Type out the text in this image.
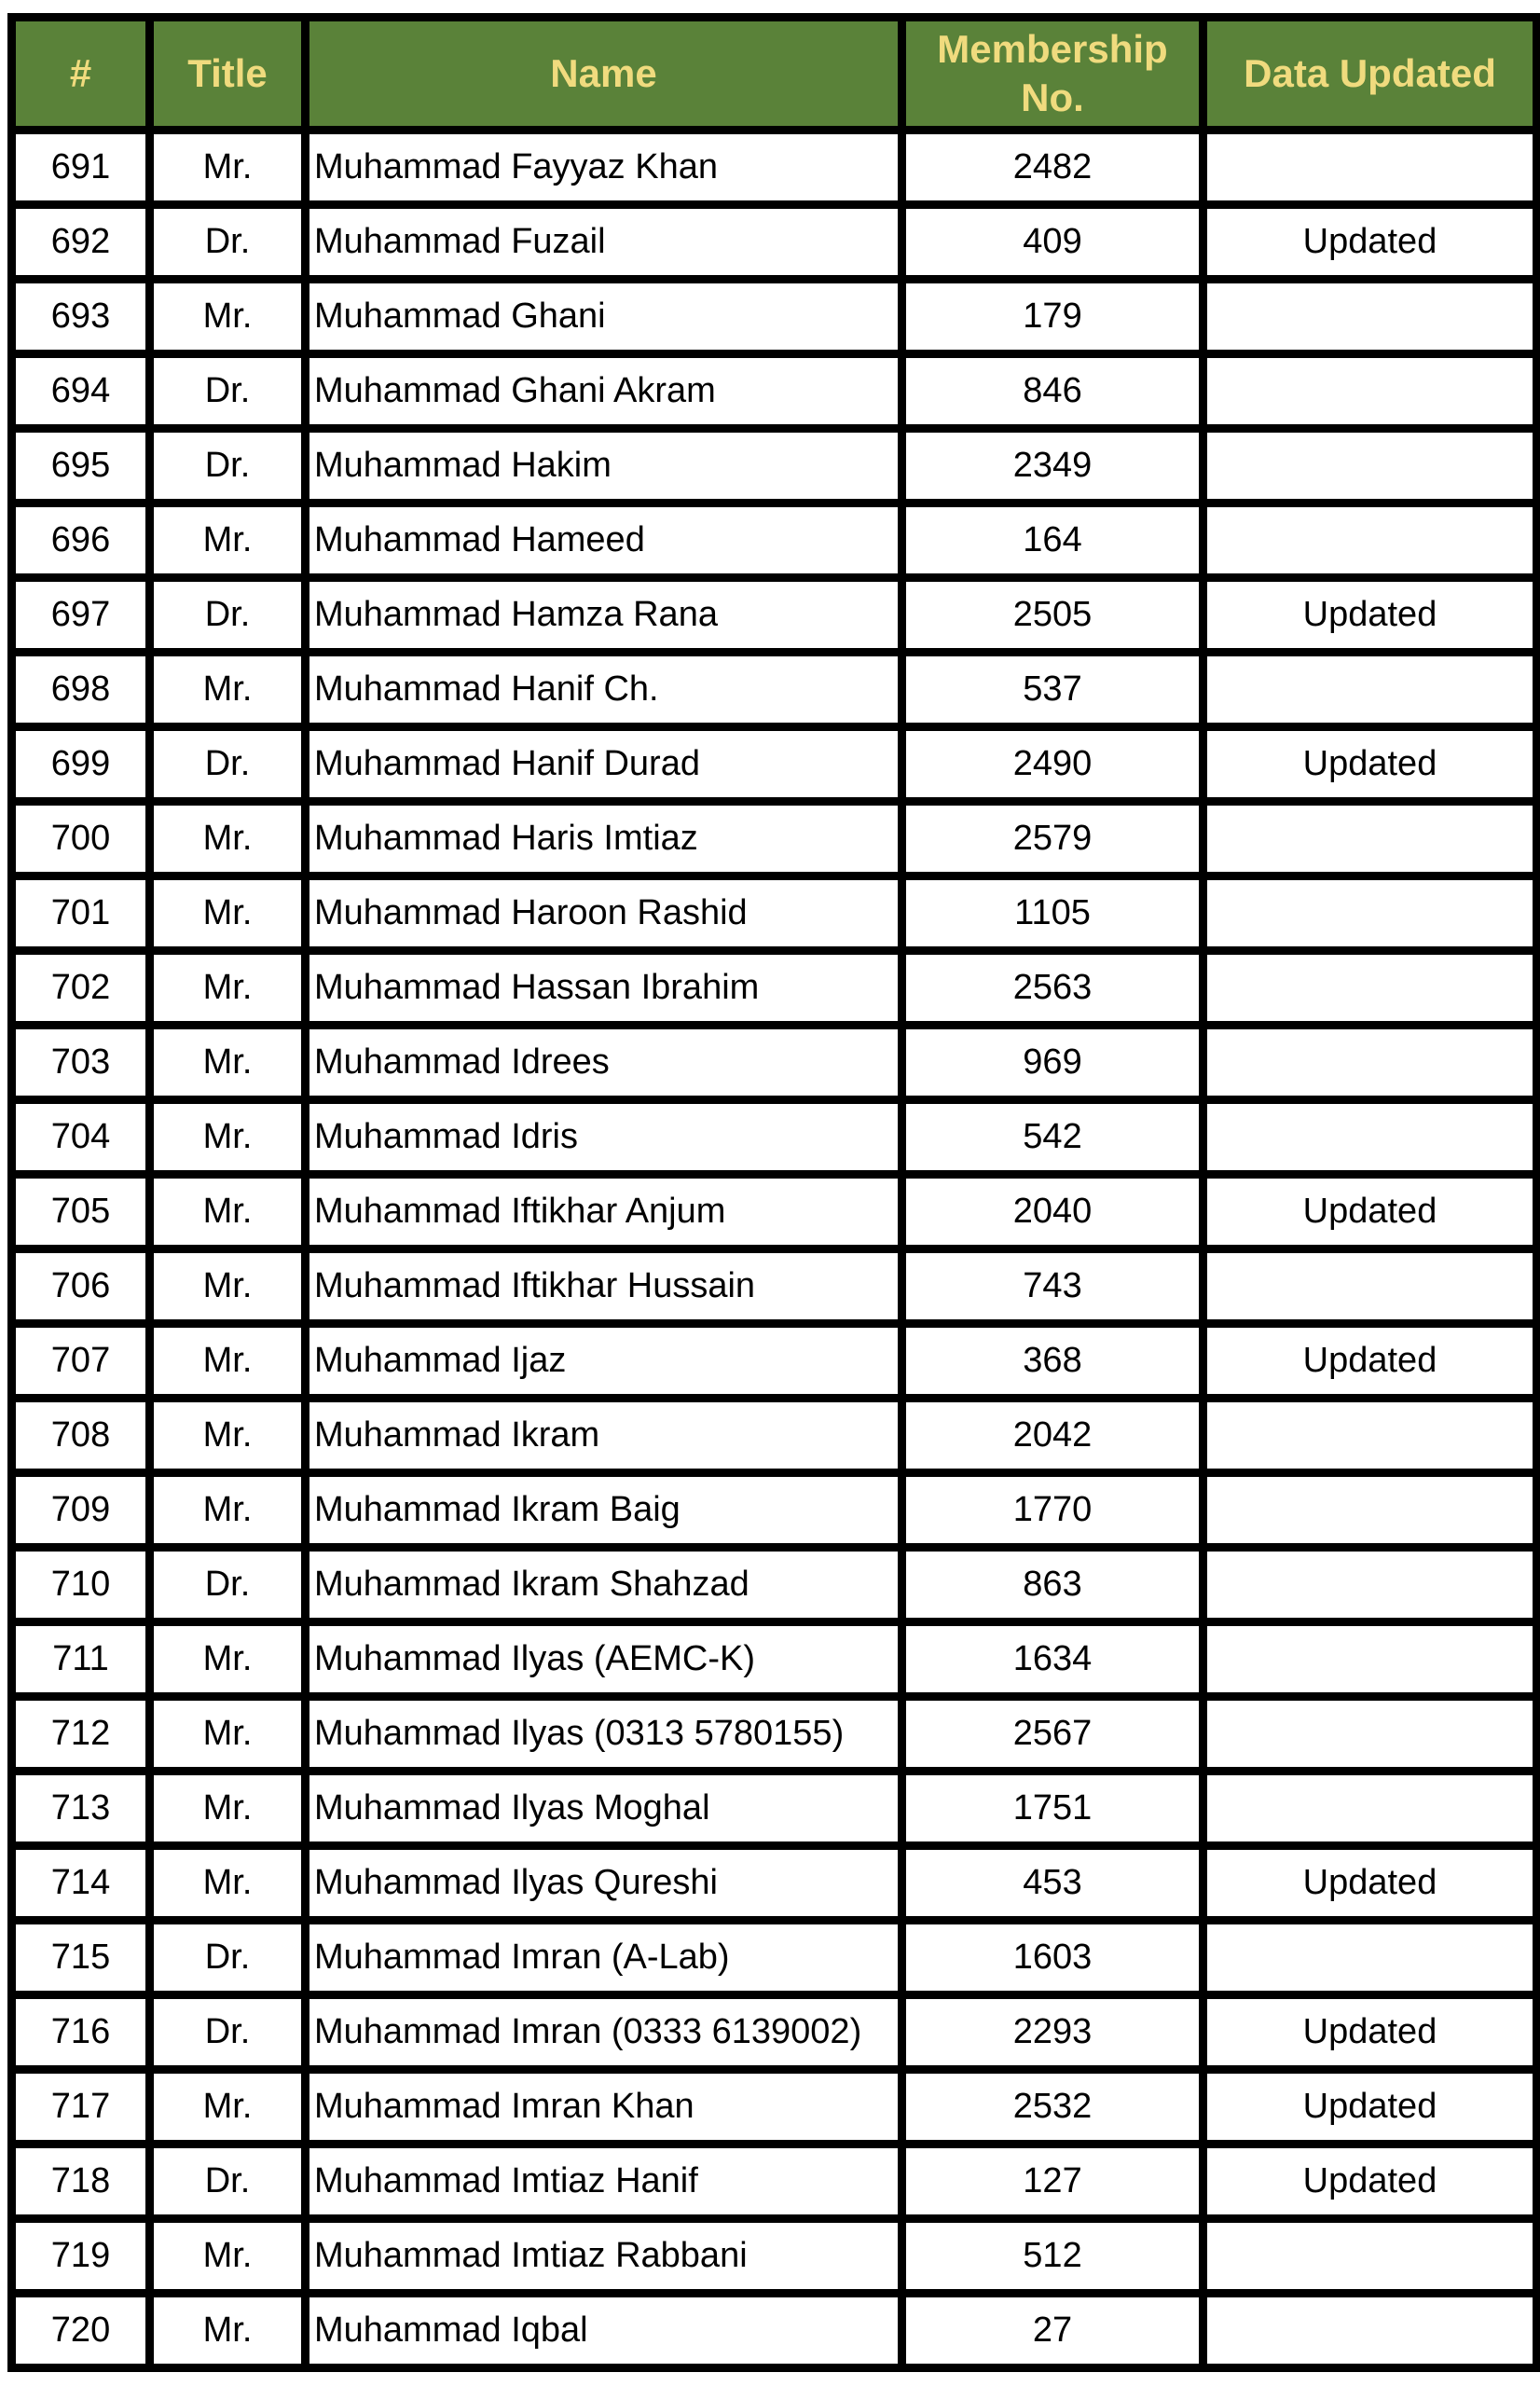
#	Title	Name	Membership No.	Data Updated
691	Mr.	Muhammad Fayyaz Khan	2482	
692	Dr.	Muhammad Fuzail	409	Updated
693	Mr.	Muhammad Ghani	179	
694	Dr.	Muhammad Ghani Akram	846	
695	Dr.	Muhammad Hakim	2349	
696	Mr.	Muhammad Hameed	164	
697	Dr.	Muhammad Hamza Rana	2505	Updated
698	Mr.	Muhammad Hanif Ch.	537	
699	Dr.	Muhammad Hanif Durad	2490	Updated
700	Mr.	Muhammad Haris Imtiaz	2579	
701	Mr.	Muhammad Haroon Rashid	1105	
702	Mr.	Muhammad Hassan Ibrahim	2563	
703	Mr.	Muhammad Idrees	969	
704	Mr.	Muhammad Idris	542	
705	Mr.	Muhammad Iftikhar Anjum	2040	Updated
706	Mr.	Muhammad Iftikhar Hussain	743	
707	Mr.	Muhammad Ijaz	368	Updated
708	Mr.	Muhammad Ikram	2042	
709	Mr.	Muhammad Ikram Baig	1770	
710	Dr.	Muhammad Ikram Shahzad	863	
711	Mr.	Muhammad Ilyas (AEMC-K)	1634	
712	Mr.	Muhammad Ilyas (0313 5780155)	2567	
713	Mr.	Muhammad Ilyas Moghal	1751	
714	Mr.	Muhammad Ilyas Qureshi	453	Updated
715	Dr.	Muhammad Imran (A-Lab)	1603	
716	Dr.	Muhammad Imran (0333 6139002)	2293	Updated
717	Mr.	Muhammad Imran Khan	2532	Updated
718	Dr.	Muhammad Imtiaz Hanif	127	Updated
719	Mr.	Muhammad Imtiaz Rabbani	512	
720	Mr.	Muhammad Iqbal	27	
